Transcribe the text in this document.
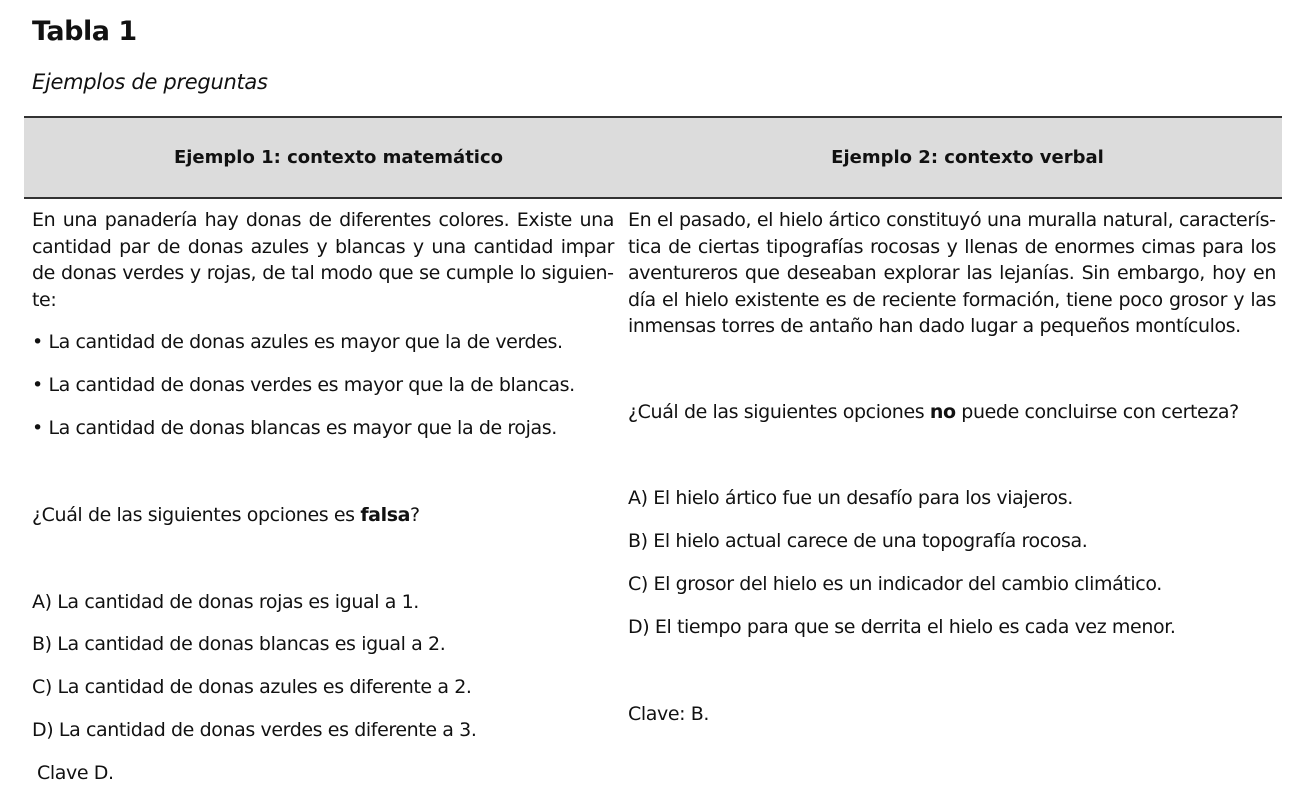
Tabla 1

Ejemplos de preguntas

Ejemplo 1: contexto matemático	Ejemplo 2: contexto verbal

En una panadería hay donas de diferentes colores. Existe una cantidad par de donas azules y blancas y una cantidad impar de donas verdes y rojas, de tal modo que se cumple lo siguiente:

• La cantidad de donas azules es mayor que la de verdes.

• La cantidad de donas verdes es mayor que la de blancas.

• La cantidad de donas blancas es mayor que la de rojas.

¿Cuál de las siguientes opciones es falsa?

A) La cantidad de donas rojas es igual a 1.

B) La cantidad de donas blancas es igual a 2.

C) La cantidad de donas azules es diferente a 2.

D) La cantidad de donas verdes es diferente a 3.

Clave D.

En el pasado, el hielo ártico constituyó una muralla natural, característica de ciertas tipografías rocosas y llenas de enormes cimas para los aventureros que deseaban explorar las lejanías. Sin embargo, hoy en día el hielo existente es de reciente formación, tiene poco grosor y las inmensas torres de antaño han dado lugar a pequeños montículos.

¿Cuál de las siguientes opciones no puede concluirse con certeza?

A) El hielo ártico fue un desafío para los viajeros.

B) El hielo actual carece de una topografía rocosa.

C) El grosor del hielo es un indicador del cambio climático.

D) El tiempo para que se derrita el hielo es cada vez menor.

Clave: B.
